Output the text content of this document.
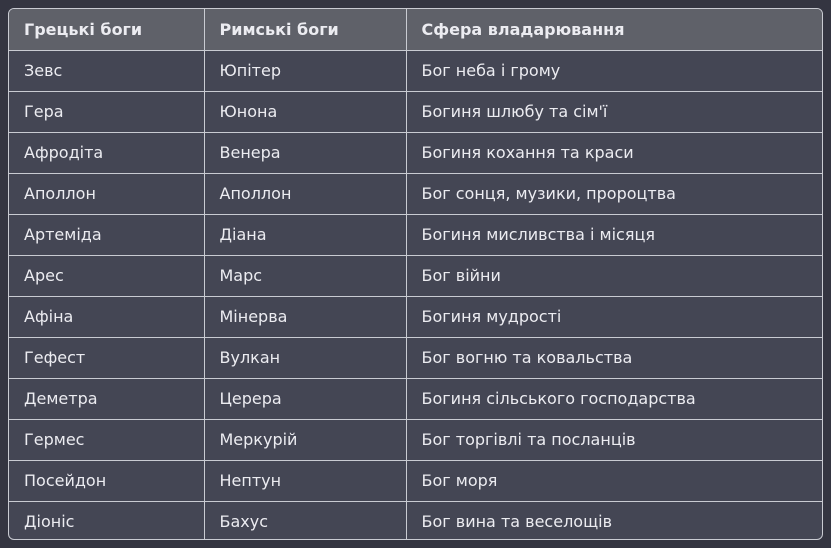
Грецькі боги	Римські боги	Сфера владарювання
Зевс	Юпітер	Бог неба і грому
Гера	Юнона	Богиня шлюбу та сім'ї
Афродіта	Венера	Богиня кохання та краси
Аполлон	Аполлон	Бог сонця, музики, пророцтва
Артеміда	Діана	Богиня мисливства і місяця
Арес	Марс	Бог війни
Афіна	Мінерва	Богиня мудрості
Гефест	Вулкан	Бог вогню та ковальства
Деметра	Церера	Богиня сільського господарства
Гермес	Меркурій	Бог торгівлі та посланців
Посейдон	Нептун	Бог моря
Діоніс	Бахус	Бог вина та веселощів
